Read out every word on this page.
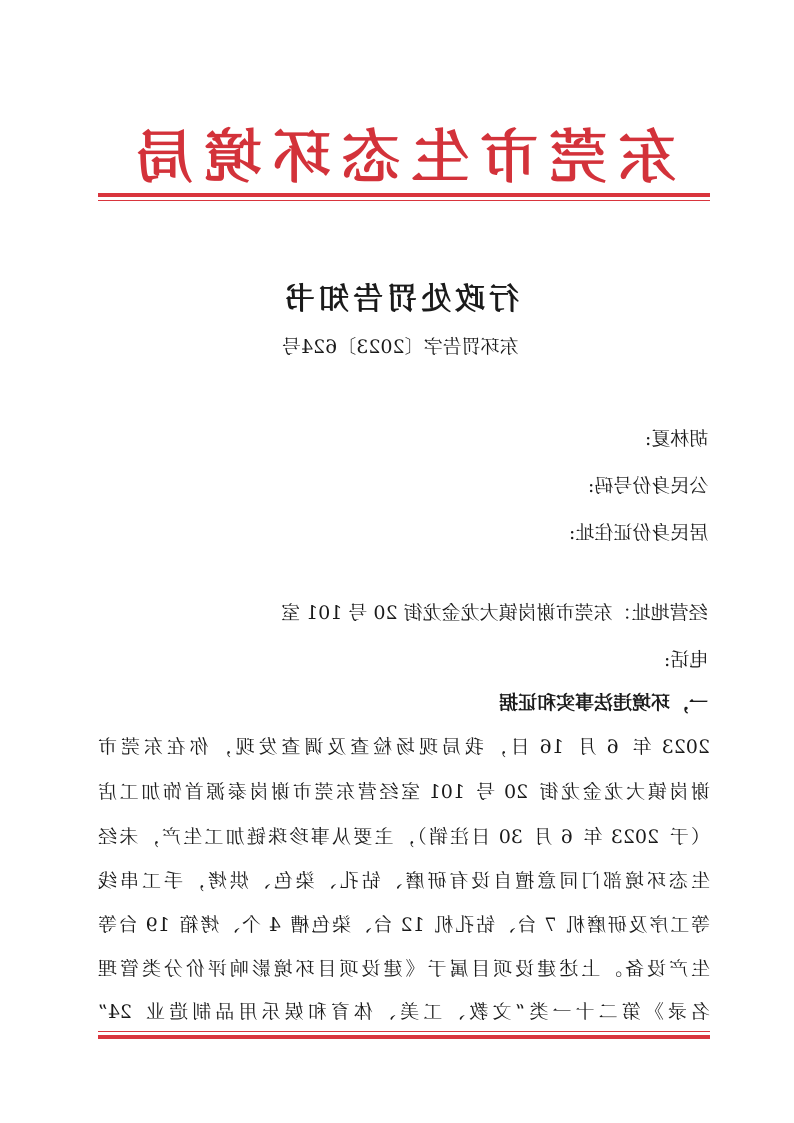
东莞市生态环境局
行政处罚告知书
东环罚告字〔2023〕624号
胡林夏:
公民身份号码:
居民身份证住址:
经营地址：东莞市谢岗镇大龙金龙街 20 号 101 室
电话:
一，环境违法事实和证据
2023 年 6 月 16 日，我局现场检查及调查发现，你在东莞市
谢岗镇大龙金龙街 20 号 101 室经营东莞市谢岗泰源首饰加工店
（于 2023 年 6 月 30 日注销），主要从事珍珠链加工生产，未经
生态环境部门同意擅自设有研磨、钻孔、染色、烘烤，手工串线
等工序及研磨机 7 台、钻孔机 12 台、染色槽 4 个、烤箱 19 台等
生产设备。上述建设项目属于《建设项目环境影响评价分类管理
名录》第二十一类“文教、工美、体育和娱乐用品制造业 24”
